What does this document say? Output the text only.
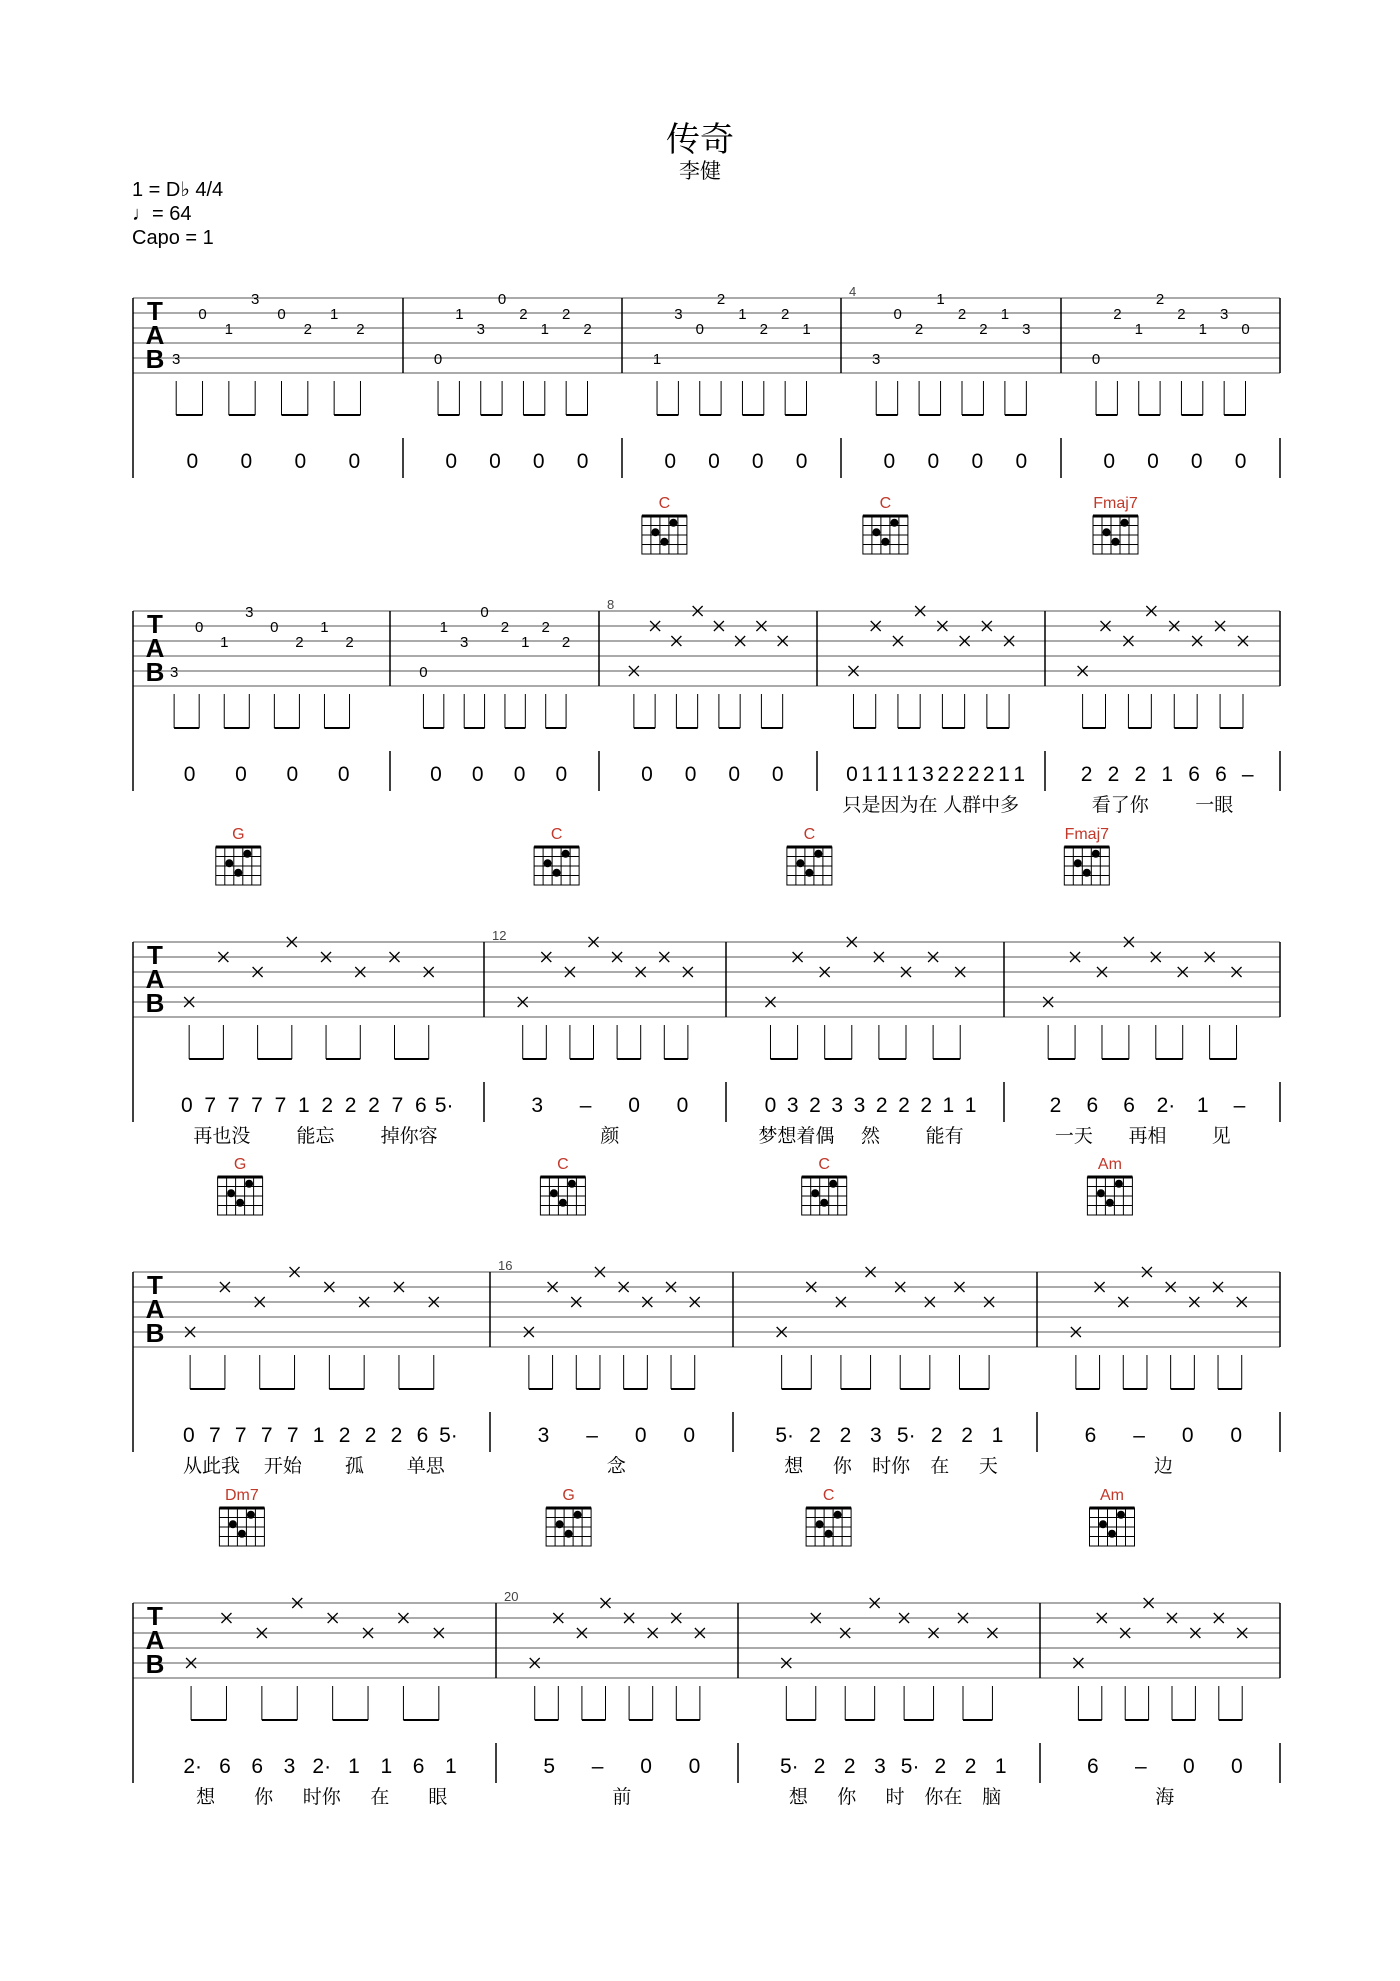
传奇
李健
1 = D♭ 4/4
♩= 64
Capo = 1
T
A
B 3
0
1
3
0
2
1
2
0 0 0 0
0
1
3
0
2
1
2
2
0 0 0 0
1
3
0
2
1
2
2
1
0 0 0 0
4
3
0
2
1
2
2
1
3
0 0 0 0
0
2
1
2
2
1
3
0
0 0 0 0
T
A
B 3
0
1
3
0
2
1
2
0 0 0 0
0
1
3
0
2
1
2
2
0 0 0 0
8
C
0 0 0 0
C
0 1 1 1 1 3 2 2 2 2 1 1
只是因为在 人群中多
Fmaj7
2 2 2 1 6 6 –
看了你 一眼
T
A
B
G
0 7 7 7 7 1 2 2 2 7 6 5·
再也没 能忘 掉你容
12
C
3 – 0 0
颜
C
0 3 2 3 3 2 2 2 1 1
梦想着偶 然 能有
Fmaj7
2 6 6 2· 1 –
一天 再相 见
T
A
B
G
0 7 7 7 7 1 2 2 2 6 5·
从此我 开始 孤 单思
16
C
3 – 0 0
念
C
5· 2 2 3 5· 2 2 1
想 你 时你 在 天
Am
6 – 0 0
边
T
A
B
Dm7
2· 6 6 3 2· 1 1 6 1
想 你 时你 在 眼
20
G
5 – 0 0
前
C
5· 2 2 3 5· 2 2 1
想 你 时 你在 脑
Am
6 – 0 0
海
